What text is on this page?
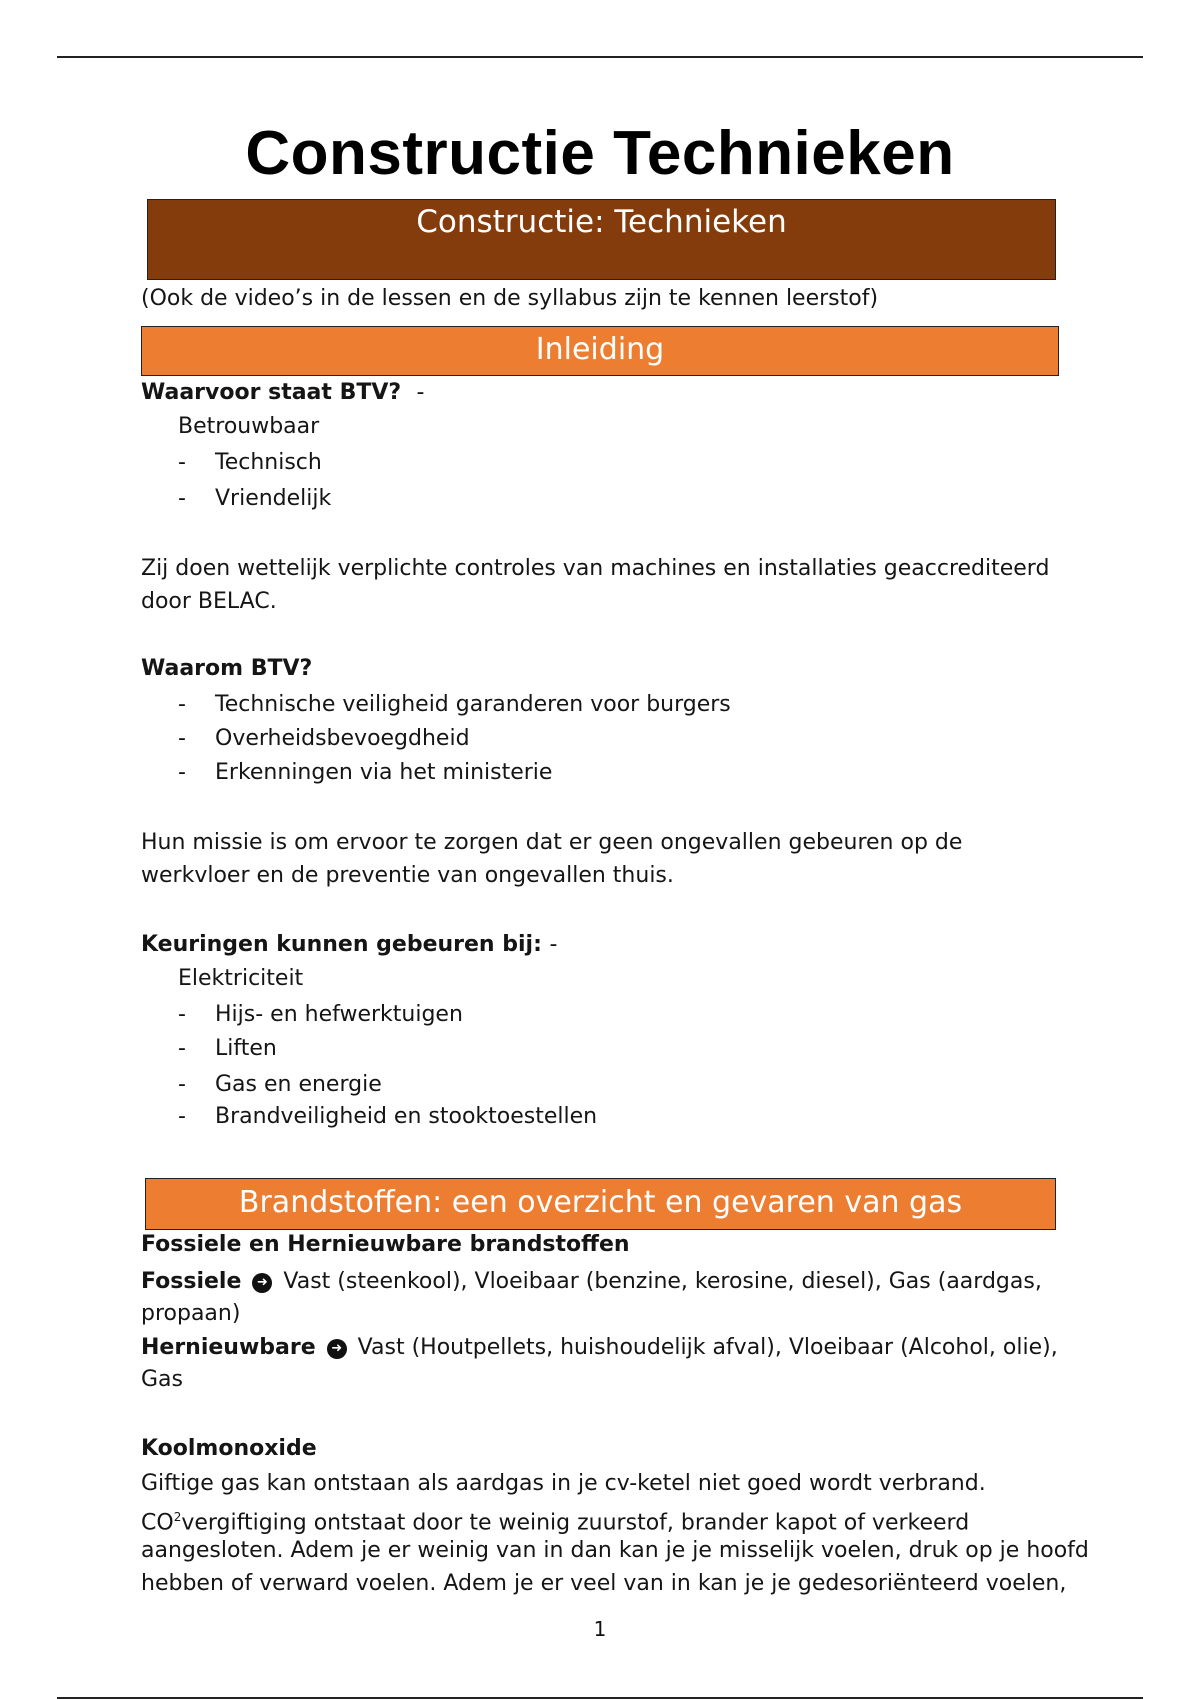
Constructie Technieken
Constructie: Technieken
(Ook de video’s in de lessen en de syllabus zijn te kennen leerstof)
Inleiding
Waarvoor staat BTV? -
Betrouwbaar
- Technisch
- Vriendelijk
Zij doen wettelijk verplichte controles van machines en installaties geaccrediteerd door BELAC.
Waarom BTV?
- Technische veiligheid garanderen voor burgers
- Overheidsbevoegdheid
- Erkenningen via het ministerie
Hun missie is om ervoor te zorgen dat er geen ongevallen gebeuren op de werkvloer en de preventie van ongevallen thuis.
Keuringen kunnen gebeuren bij: -
Elektriciteit
- Hijs- en hefwerktuigen
- Liften
- Gas en energie
- Brandveiligheid en stooktoestellen
Brandstoffen: een overzicht en gevaren van gas
Fossiele en Hernieuwbare brandstoffen
Fossiele ➜ Vast (steenkool), Vloeibaar (benzine, kerosine, diesel), Gas (aardgas,
propaan)
Hernieuwbare ➜ Vast (Houtpellets, huishoudelijk afval), Vloeibaar (Alcohol, olie),
Gas
Koolmonoxide
Giftige gas kan ontstaan als aardgas in je cv-ketel niet goed wordt verbrand.
$CO^2vergiftiging$ ontstaat door te weinig zuurstof, brander kapot of verkeerd
aangesloten. Adem je er weinig van in dan kan je je misselijk voelen, druk op je hoofd
hebben of verward voelen. Adem je er veel van in kan je je gedesoriënteerd voelen,
1
